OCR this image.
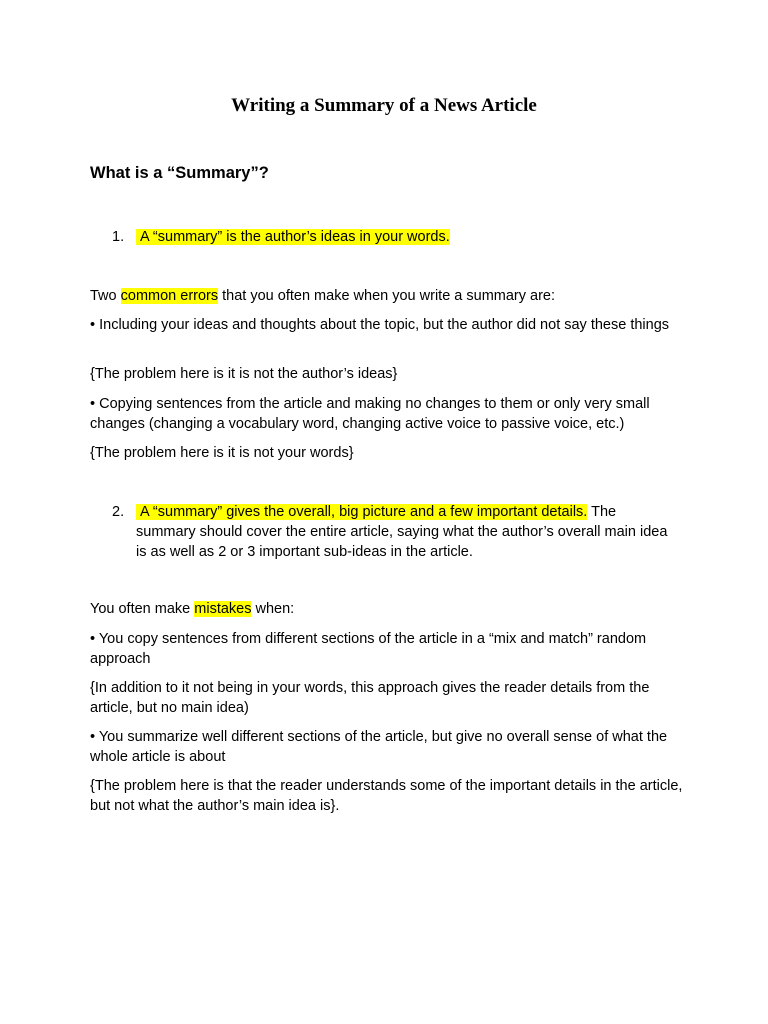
Writing a Summary of a News Article
What is a “Summary”?
1. A “summary” is the author’s ideas in your words.
Two common errors that you often make when you write a summary are:
• Including your ideas and thoughts about the topic, but the author did not say these things
{The problem here is it is not the author’s ideas}
• Copying sentences from the article and making no changes to them or only very small changes (changing a vocabulary word, changing active voice to passive voice, etc.)
{The problem here is it is not your words}
2. A “summary” gives the overall, big picture and a few important details. The summary should cover the entire article, saying what the author’s overall main idea is as well as 2 or 3 important sub-ideas in the article.
You often make mistakes when:
• You copy sentences from different sections of the article in a “mix and match” random approach
{In addition to it not being in your words, this approach gives the reader details from the article, but no main idea)
• You summarize well different sections of the article, but give no overall sense of what the whole article is about
{The problem here is that the reader understands some of the important details in the article, but not what the author’s main idea is}.
